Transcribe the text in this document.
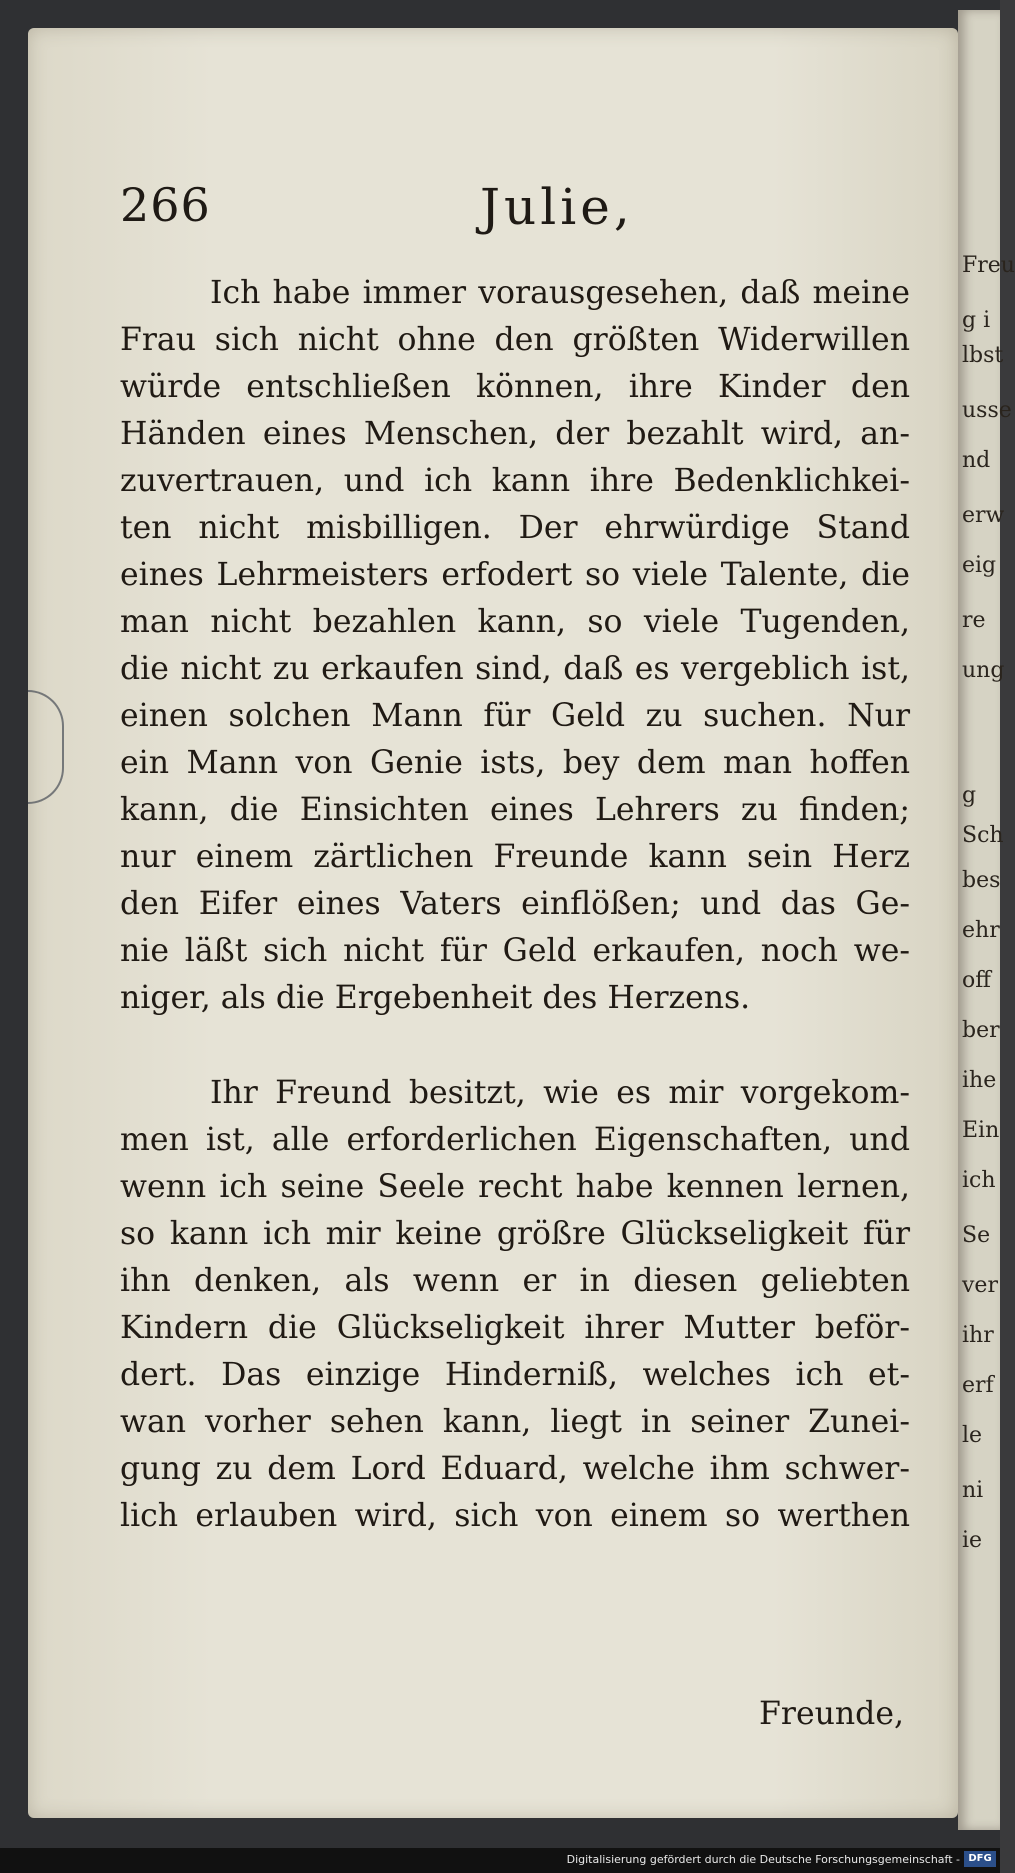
Freu
g i
lbst
usse
nd
erw
eig
re
ung
g
Sch
bes
ehr
off
ber
ihe
Ein
ich
Se
ver
ihr
erf
le
ni
ie
266	Julie,
Ich habe immer vorausgesehen, daß meine
Frau sich nicht ohne den größten Widerwillen
würde entschließen können, ihre Kinder den
Händen eines Menschen, der bezahlt wird, an-
zuvertrauen, und ich kann ihre Bedenklichkei-
ten nicht misbilligen. Der ehrwürdige Stand
eines Lehrmeisters erfodert so viele Talente, die
man nicht bezahlen kann, so viele Tugenden,
die nicht zu erkaufen sind, daß es vergeblich ist,
einen solchen Mann für Geld zu suchen. Nur
ein Mann von Genie ists, bey dem man hoffen
kann, die Einsichten eines Lehrers zu finden;
nur einem zärtlichen Freunde kann sein Herz
den Eifer eines Vaters einflößen; und das Ge-
nie läßt sich nicht für Geld erkaufen, noch we-
niger, als die Ergebenheit des Herzens.
Ihr Freund besitzt, wie es mir vorgekom-
men ist, alle erforderlichen Eigenschaften, und
wenn ich seine Seele recht habe kennen lernen,
so kann ich mir keine größre Glückseligkeit für
ihn denken, als wenn er in diesen geliebten
Kindern die Glückseligkeit ihrer Mutter beför-
dert. Das einzige Hinderniß, welches ich et-
wan vorher sehen kann, liegt in seiner Zunei-
gung zu dem Lord Eduard, welche ihm schwer-
lich erlauben wird, sich von einem so werthen
Freunde,
Digitalisierung gefördert durch die Deutsche Forschungsgemeinschaft - DFG
